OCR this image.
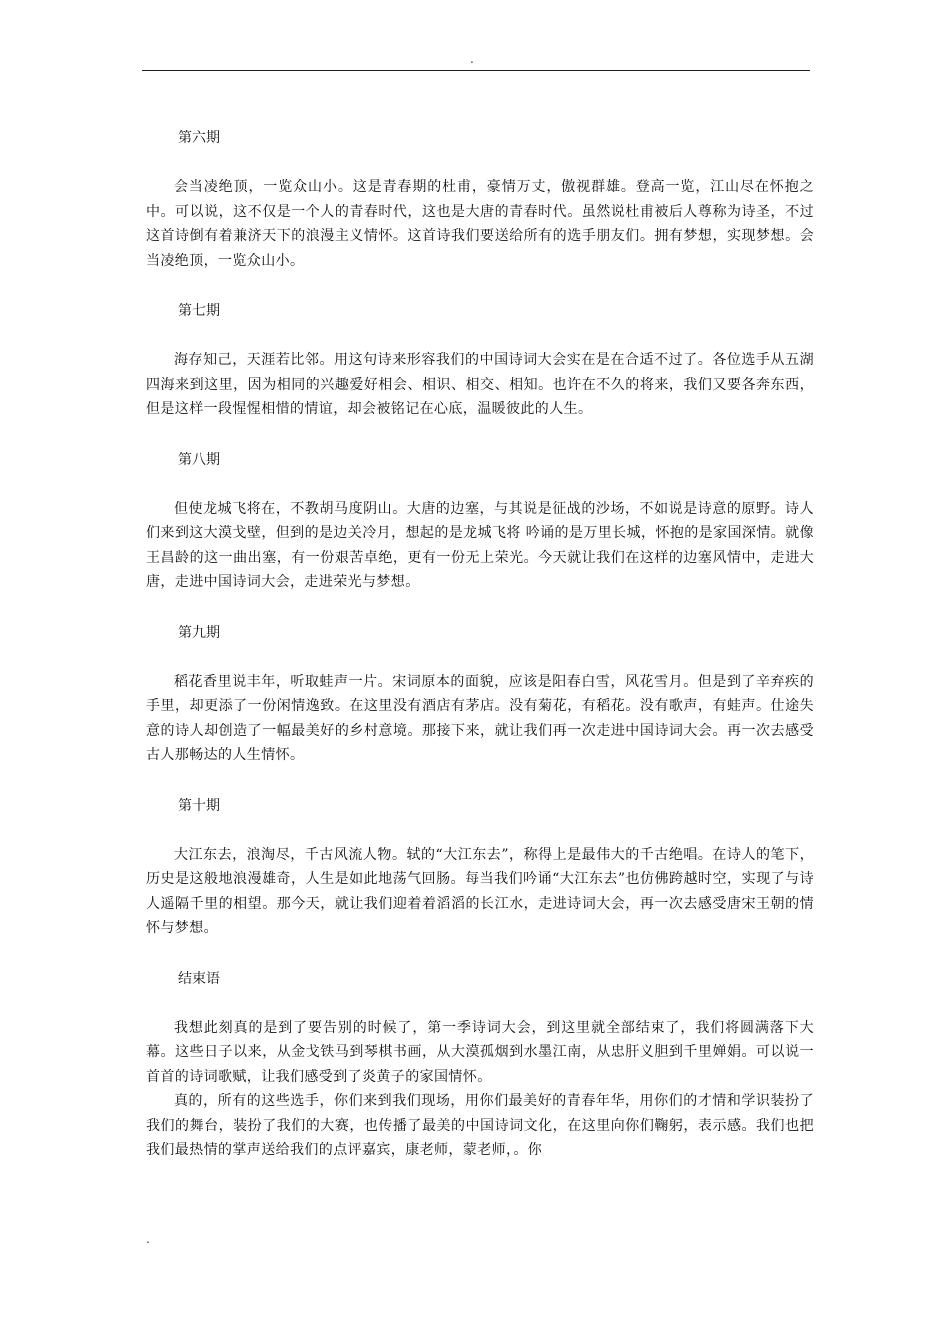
.

第六期

会当凌绝顶，一览众山小。这是青春期的杜甫，豪情万丈，傲视群雄。登高一览，江山尽在怀抱之中。可以说，这不仅是一个人的青春时代，这也是大唐的青春时代。虽然说杜甫被后人尊称为诗圣，不过这首诗倒有着兼济天下的浪漫主义情怀。这首诗我们要送给所有的选手朋友们。拥有梦想，实现梦想。会当凌绝顶，一览众山小。

第七期

海存知己，天涯若比邻。用这句诗来形容我们的中国诗词大会实在是在合适不过了。各位选手从五湖四海来到这里，因为相同的兴趣爱好相会、相识、相交、相知。也许在不久的将来，我们又要各奔东西，但是这样一段惺惺相惜的情谊，却会被铭记在心底，温暖彼此的人生。

第八期

但使龙城飞将在，不教胡马度阴山。大唐的边塞，与其说是征战的沙场，不如说是诗意的原野。诗人们来到这大漠戈壁，但到的是边关冷月，想起的是龙城飞将 吟诵的是万里长城，怀抱的是家国深情。就像王昌龄的这一曲出塞，有一份艰苦卓绝，更有一份无上荣光。今天就让我们在这样的边塞风情中，走进大唐，走进中国诗词大会，走进荣光与梦想。

第九期

稻花香里说丰年，听取蛙声一片。宋词原本的面貌，应该是阳春白雪，风花雪月。但是到了辛弃疾的手里，却更添了一份闲情逸致。在这里没有酒店有茅店。没有菊花，有稻花。没有歌声，有蛙声。仕途失意的诗人却创造了一幅最美好的乡村意境。那接下来，就让我们再一次走进中国诗词大会。再一次去感受古人那畅达的人生情怀。

第十期

大江东去，浪淘尽，千古风流人物。轼的“大江东去”，称得上是最伟大的千古绝唱。在诗人的笔下，历史是这般地浪漫雄奇，人生是如此地荡气回肠。每当我们吟诵“大江东去”也仿佛跨越时空，实现了与诗人遥隔千里的相望。那今天，就让我们迎着着滔滔的长江水，走进诗词大会，再一次去感受唐宋王朝的情怀与梦想。

结束语

我想此刻真的是到了要告别的时候了，第一季诗词大会，到这里就全部结束了，我们将圆满落下大幕。这些日子以来，从金戈铁马到琴棋书画，从大漠孤烟到水墨江南，从忠肝义胆到千里婵娟。可以说一首首的诗词歌赋，让我们感受到了炎黄子的家国情怀。

真的，所有的这些选手，你们来到我们现场，用你们最美好的青春年华，用你们的才情和学识装扮了我们的舞台，装扮了我们的大赛，也传播了最美的中国诗词文化，在这里向你们鞠躬，表示感。我们也把我们最热情的掌声送给我们的点评嘉宾，康老师，蒙老师，。你

.
